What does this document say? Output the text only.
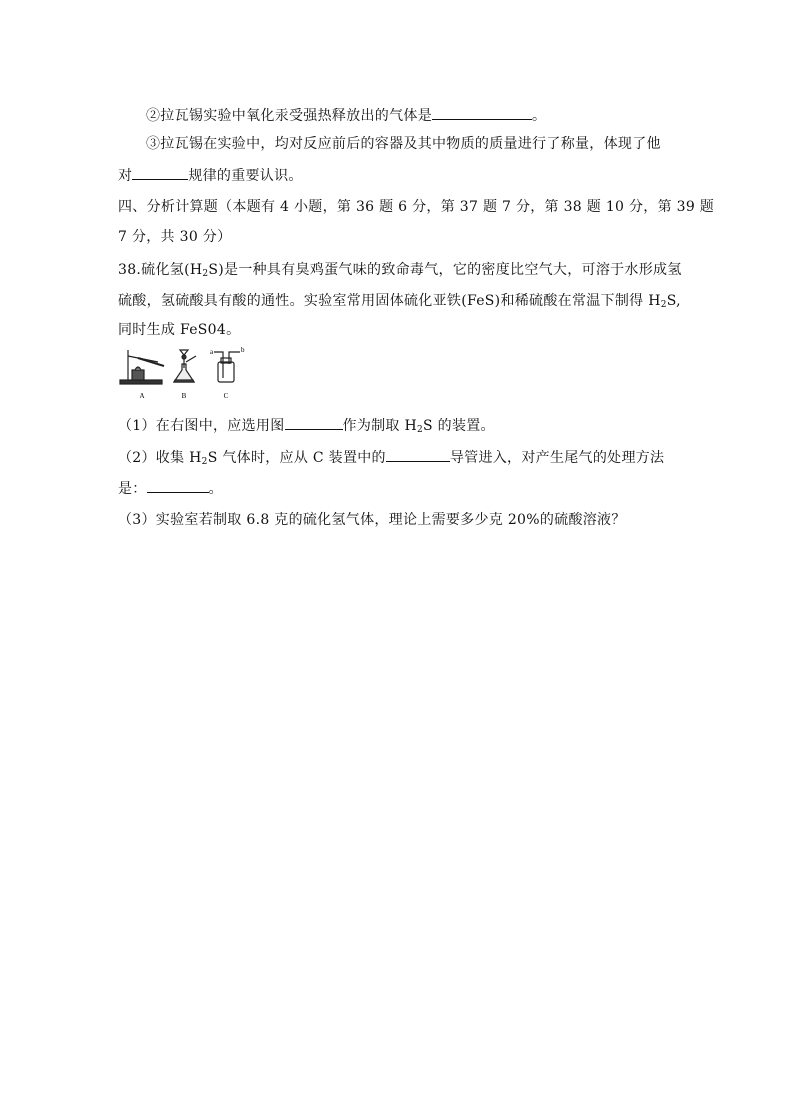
②拉瓦锡实验中氧化汞受强热释放出的气体是	。
③拉瓦锡在实验中，均对反应前后的容器及其中物质的质量进行了称量，体现了他
对	规律的重要认识。
四、分析计算题（本题有 4 小题，第 36 题 6 分，第 37 题 7 分，第 38 题 10 分，第 39 题
7 分，共 30 分）
38.硫化氢$(H_2S)$是一种具有臭鸡蛋气味的致命毒气，它的密度比空气大，可溶于水形成氢
硫酸，氢硫酸具有酸的通性。实验室常用固体硫化亚铁(FeS)和稀硫酸在常温下制得 $H_2S$,
同时生成 FeS04。
A	B	C
a	b
（1）在右图中，应选用图	作为制取 $H_2S$ 的装置。
（2）收集 $H_2S$ 气体时，应从 C 装置中的	导管进入，对产生尾气的处理方法
是：	。
（3）实验室若制取 6.8 克的硫化氢气体，理论上需要多少克 20%的硫酸溶液？
